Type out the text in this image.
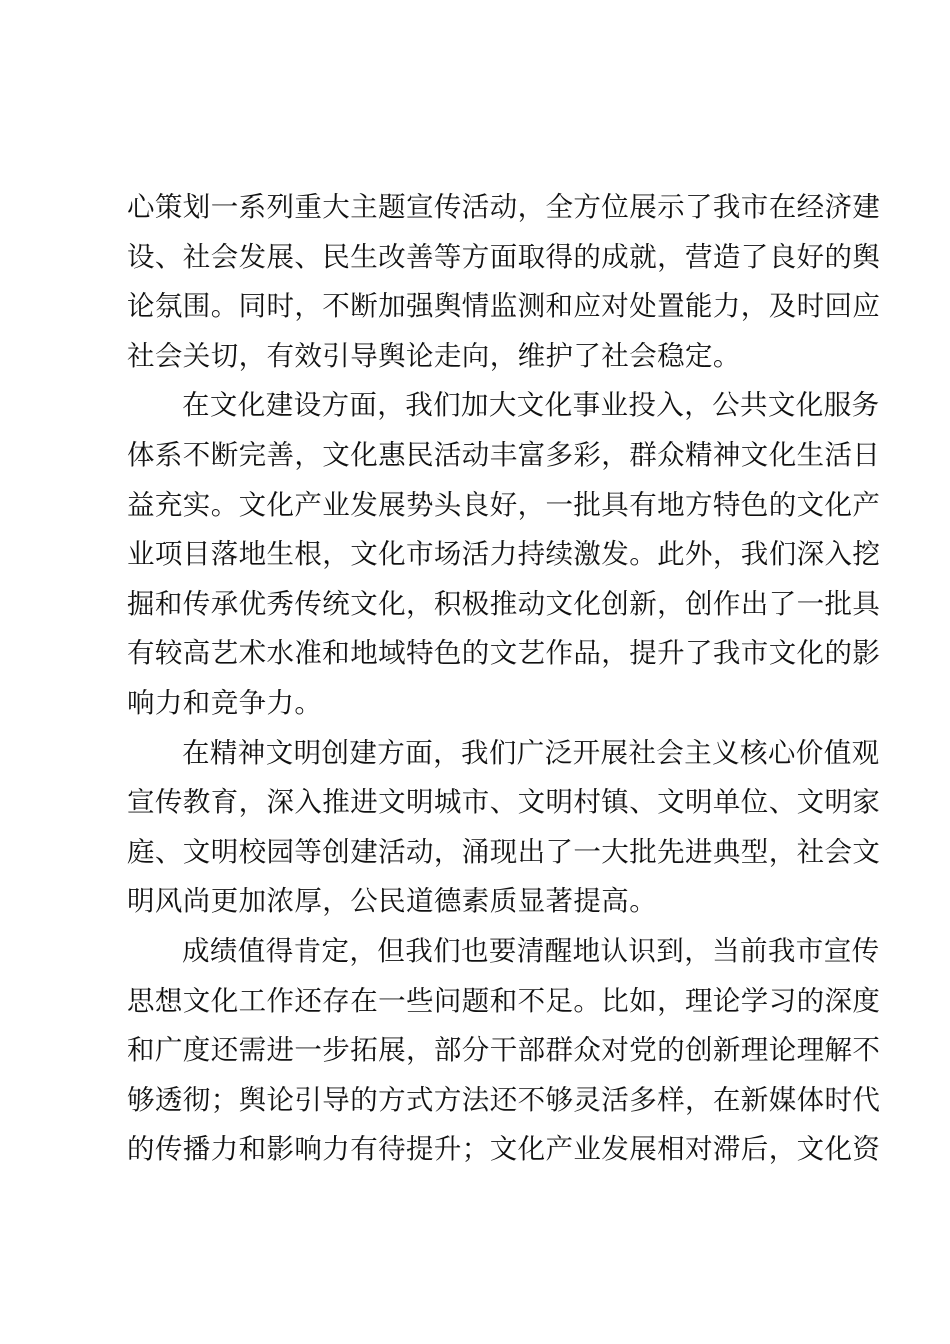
心策划一系列重大主题宣传活动，全方位展示了我市在经济建
设、社会发展、民生改善等方面取得的成就，营造了良好的舆
论氛围。同时，不断加强舆情监测和应对处置能力，及时回应
社会关切，有效引导舆论走向，维护了社会稳定。

在文化建设方面，我们加大文化事业投入，公共文化服务
体系不断完善，文化惠民活动丰富多彩，群众精神文化生活日
益充实。文化产业发展势头良好，一批具有地方特色的文化产
业项目落地生根，文化市场活力持续激发。此外，我们深入挖
掘和传承优秀传统文化，积极推动文化创新，创作出了一批具
有较高艺术水准和地域特色的文艺作品，提升了我市文化的影
响力和竞争力。

在精神文明创建方面，我们广泛开展社会主义核心价值观
宣传教育，深入推进文明城市、文明村镇、文明单位、文明家
庭、文明校园等创建活动，涌现出了一大批先进典型，社会文
明风尚更加浓厚，公民道德素质显著提高。

成绩值得肯定，但我们也要清醒地认识到，当前我市宣传
思想文化工作还存在一些问题和不足。比如，理论学习的深度
和广度还需进一步拓展，部分干部群众对党的创新理论理解不
够透彻；舆论引导的方式方法还不够灵活多样，在新媒体时代
的传播力和影响力有待提升；文化产业发展相对滞后，文化资
